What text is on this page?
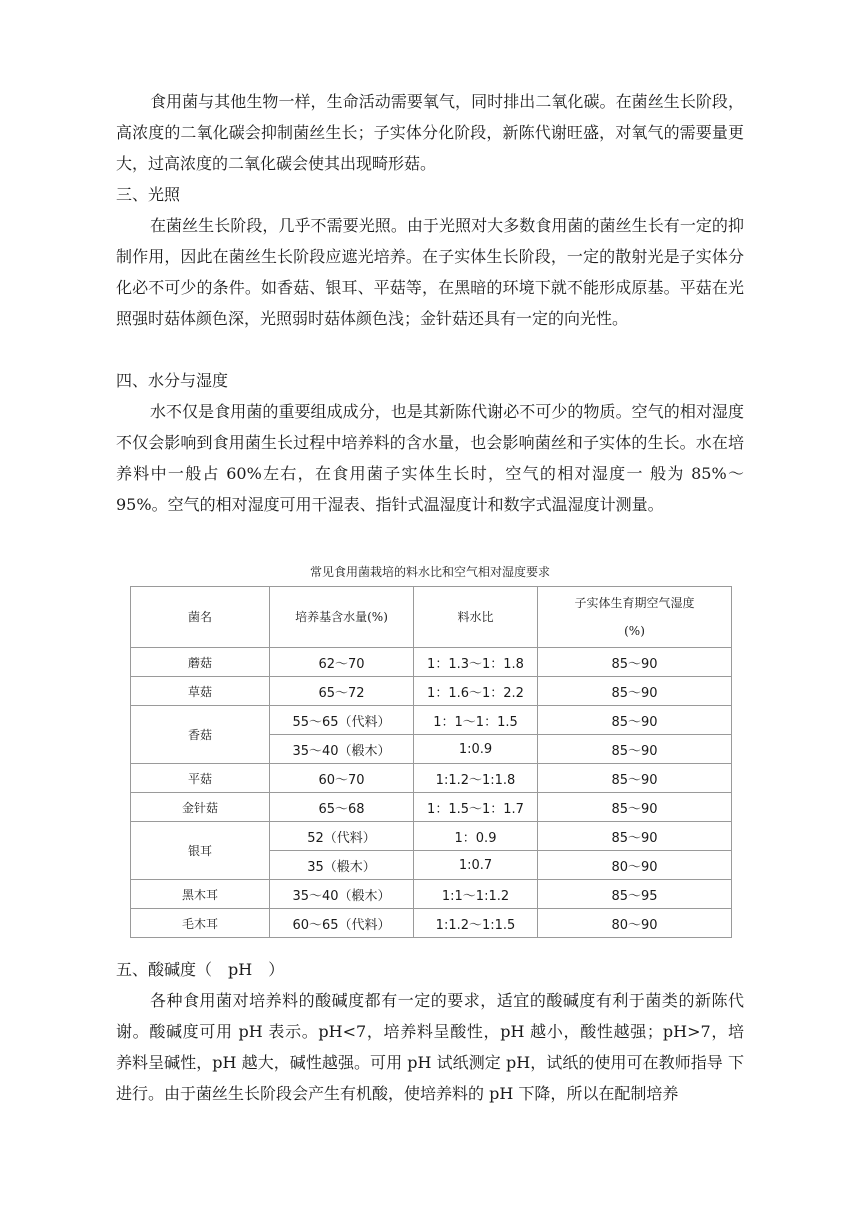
食用菌与其他生物一样，生命活动需要氧气，同时排出二氧化碳。在菌丝生长阶段，高浓度的二氧化碳会抑制菌丝生长；子实体分化阶段，新陈代谢旺盛，对氧气的需要量更大，过高浓度的二氧化碳会使其出现畸形菇。

三、光照

在菌丝生长阶段，几乎不需要光照。由于光照对大多数食用菌的菌丝生长有一定的抑制作用，因此在菌丝生长阶段应遮光培养。在子实体生长阶段，一定的散射光是子实体分化必不可少的条件。如香菇、银耳、平菇等，在黑暗的环境下就不能形成原基。平菇在光照强时菇体颜色深，光照弱时菇体颜色浅；金针菇还具有一定的向光性。

四、水分与湿度

水不仅是食用菌的重要组成成分，也是其新陈代谢必不可少的物质。空气的相对湿度不仅会影响到食用菌生长过程中培养料的含水量，也会影响菌丝和子实体的生长。水在培养料中一般占 60%左右，在食用菌子实体生长时，空气的相对湿度一 般为 85%～95%。空气的相对湿度可用干湿表、指针式温湿度计和数字式温湿度计测量。

常见食用菌栽培的料水比和空气相对湿度要求
菌名	培养基含水量(%)	料水比	子实体生育期空气湿度
(%)
蘑菇	62～70	1：1.3～1：1.8	85～90
草菇	65～72	1：1.6～1：2.2	85～90
香菇	55～65（代料）	1：1～1：1.5	85～90
	35～40（椴木）	1:0.9	85～90
平菇	60～70	1:1.2～1:1.8	85～90
金针菇	65～68	1：1.5～1：1.7	85～90
银耳	52（代料）	1：0.9	85～90
	35（椴木）	1:0.7	80～90
黑木耳	35～40（椴木）	1:1～1:1.2	85～95
毛木耳	60～65（代料）	1:1.2～1:1.5	80～90

五、酸碱度（　pH　）

各种食用菌对培养料的酸碱度都有一定的要求，适宜的酸碱度有利于菌类的新陈代谢。酸碱度可用 pH 表示。pH<7，培养料呈酸性，pH 越小，酸性越强；pH>7，培 养料呈碱性，pH 越大，碱性越强。可用 pH 试纸测定 pH，试纸的使用可在教师指导 下进行。由于菌丝生长阶段会产生有机酸，使培养料的 pH 下降，所以在配制培养
